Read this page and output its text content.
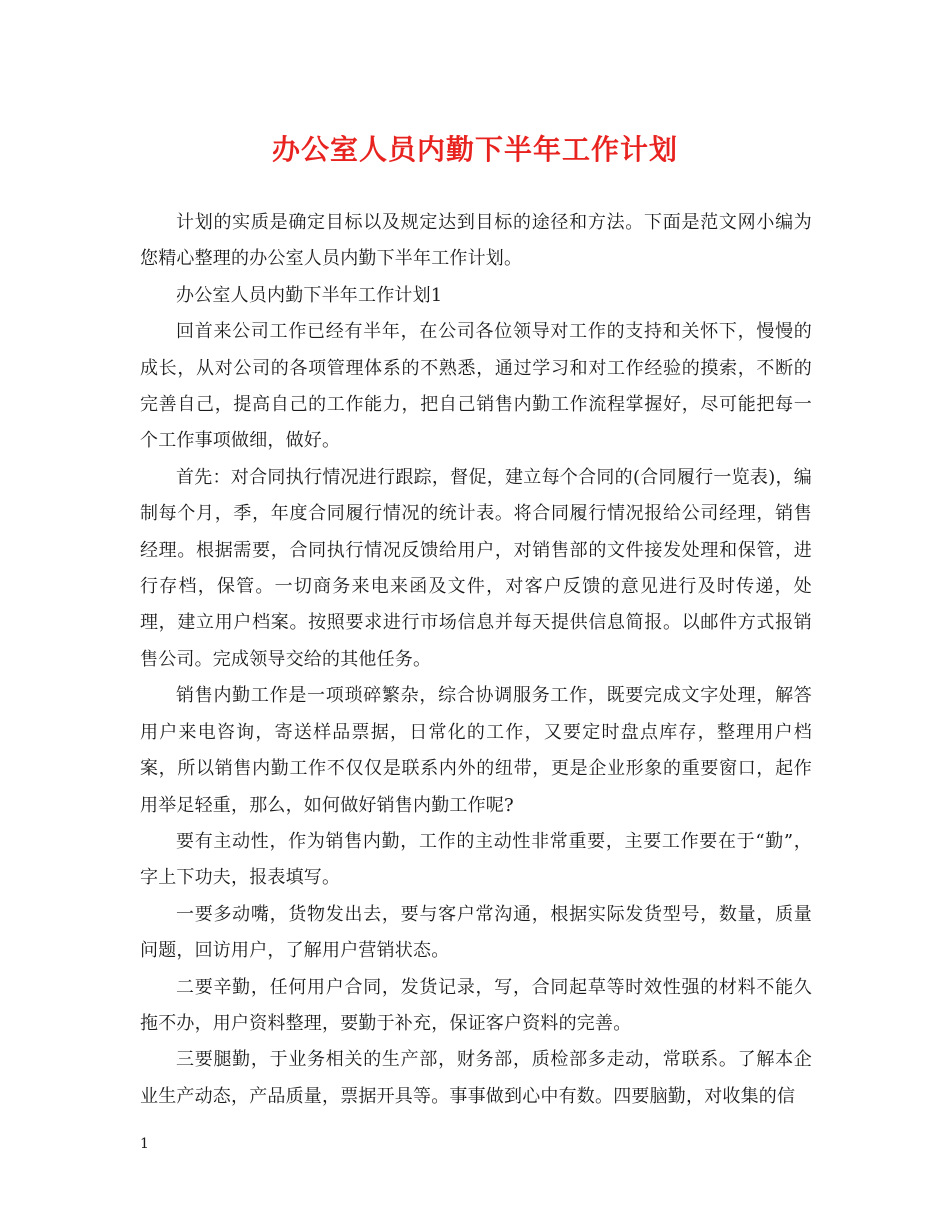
办公室人员内勤下半年工作计划

计划的实质是确定目标以及规定达到目标的途径和方法。下面是范文网小编为您精心整理的办公室人员内勤下半年工作计划。

办公室人员内勤下半年工作计划1

回首来公司工作已经有半年，在公司各位领导对工作的支持和关怀下，慢慢的成长，从对公司的各项管理体系的不熟悉，通过学习和对工作经验的摸索，不断的完善自己，提高自己的工作能力，把自己销售内勤工作流程掌握好，尽可能把每一个工作事项做细，做好。

首先：对合同执行情况进行跟踪，督促，建立每个合同的(合同履行一览表)，编制每个月，季，年度合同履行情况的统计表。将合同履行情况报给公司经理，销售经理。根据需要，合同执行情况反馈给用户，对销售部的文件接发处理和保管，进行存档，保管。一切商务来电来函及文件，对客户反馈的意见进行及时传递，处理，建立用户档案。按照要求进行市场信息并每天提供信息简报。以邮件方式报销售公司。完成领导交给的其他任务。

销售内勤工作是一项琐碎繁杂，综合协调服务工作，既要完成文字处理，解答用户来电咨询，寄送样品票据，日常化的工作，又要定时盘点库存，整理用户档案，所以销售内勤工作不仅仅是联系内外的纽带，更是企业形象的重要窗口，起作用举足轻重，那么，如何做好销售内勤工作呢?

要有主动性，作为销售内勤，工作的主动性非常重要，主要工作要在于“勤”，字上下功夫，报表填写。

一要多动嘴，货物发出去，要与客户常沟通，根据实际发货型号，数量，质量问题，回访用户，了解用户营销状态。

二要辛勤，任何用户合同，发货记录，写，合同起草等时效性强的材料不能久拖不办，用户资料整理，要勤于补充，保证客户资料的完善。

三要腿勤，于业务相关的生产部，财务部，质检部多走动，常联系。了解本企业生产动态，产品质量，票据开具等。事事做到心中有数。四要脑勤，对收集的信

1
